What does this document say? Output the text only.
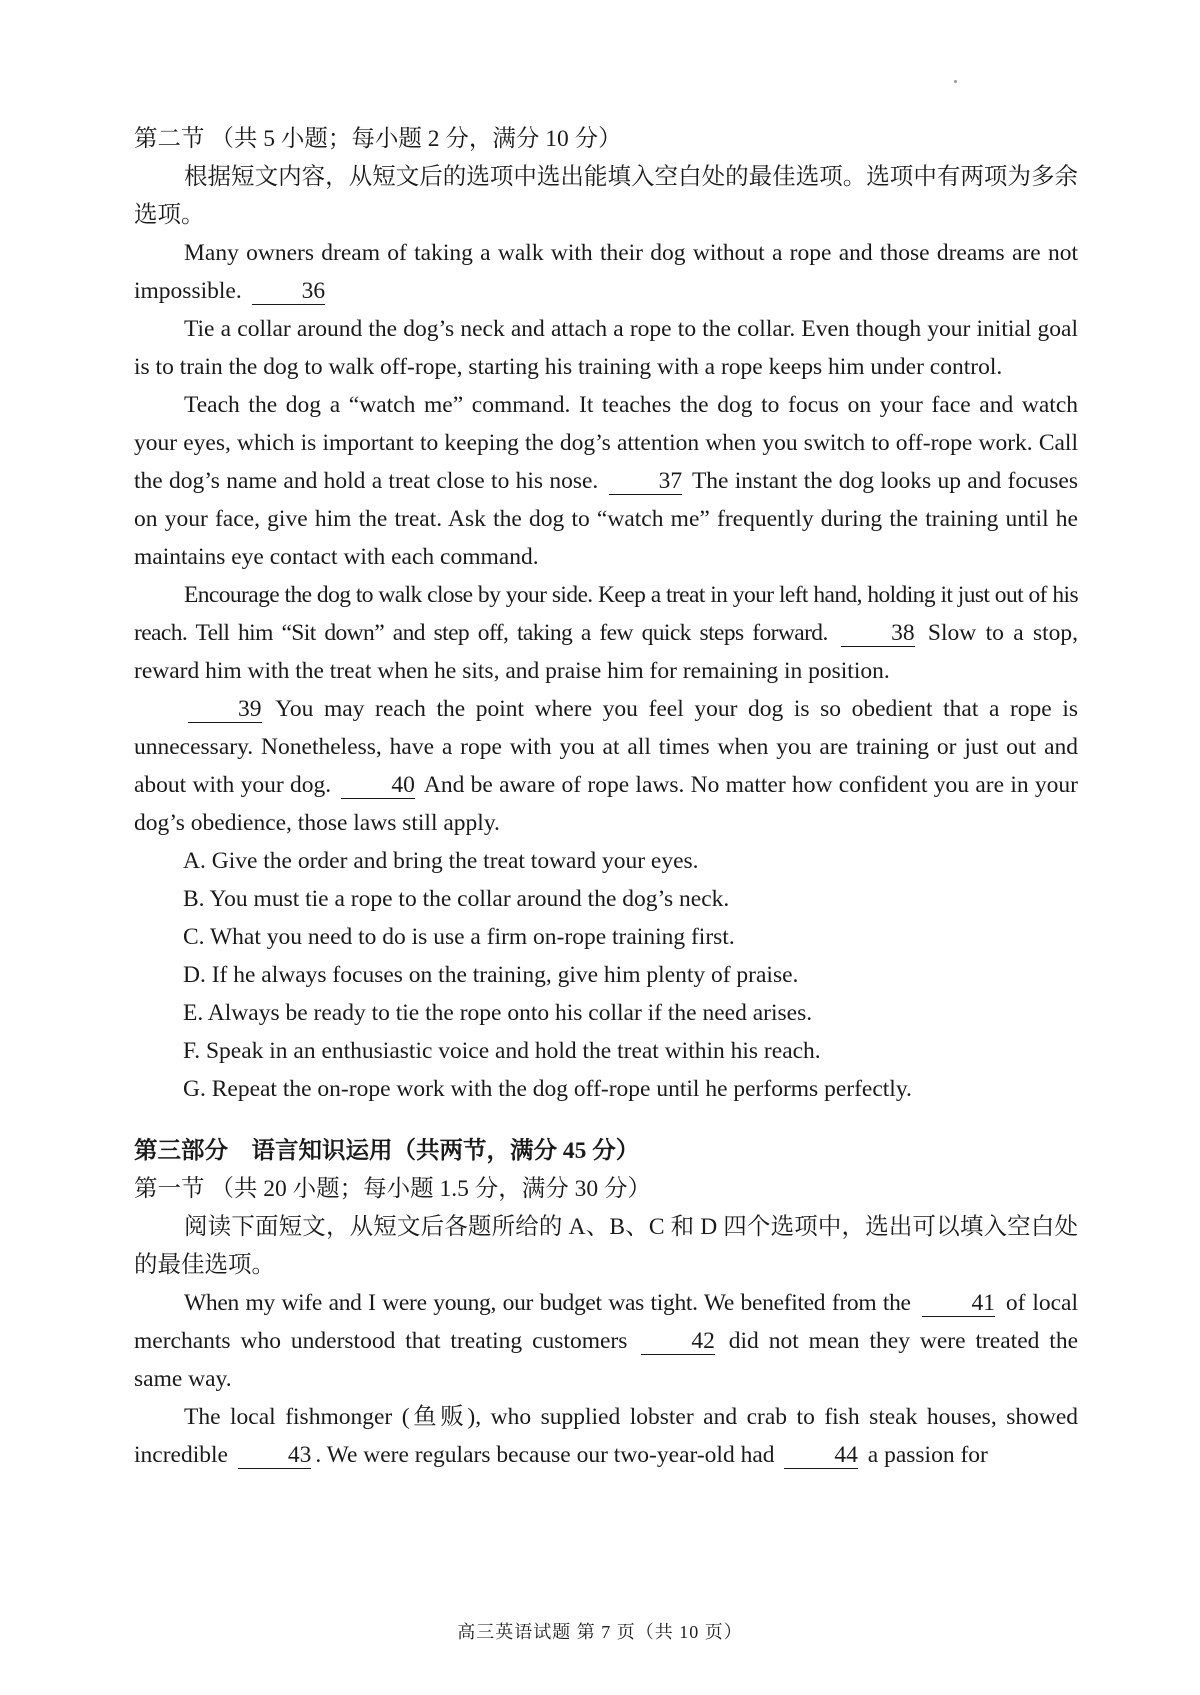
第二节 （共 5 小题；每小题 2 分，满分 10 分）

根据短文内容，从短文后的选项中选出能填入空白处的最佳选项。选项中有两项为多余选项。

Many owners dream of taking a walk with their dog without a rope and those dreams are not impossible.	36

Tie a collar around the dog’s neck and attach a rope to the collar. Even though your initial goal is to train the dog to walk off-rope, starting his training with a rope keeps him under control.

Teach the dog a “watch me” command. It teaches the dog to focus on your face and watch your eyes, which is important to keeping the dog’s attention when you switch to off-rope work. Call the dog’s name and hold a treat close to his nose.	37 The instant the dog looks up and focuses on your face, give him the treat. Ask the dog to “watch me” frequently during the training until he maintains eye contact with each command.

Encourage the dog to walk close by your side. Keep a treat in your left hand, holding it just out of his reach. Tell him “Sit down” and step off, taking a few quick steps forward.	38 Slow to a stop, reward him with the treat when he sits, and praise him for remaining in position.

39 You may reach the point where you feel your dog is so obedient that a rope is unnecessary. Nonetheless, have a rope with you at all times when you are training or just out and about with your dog.	40 And be aware of rope laws. No matter how confident you are in your dog’s obedience, those laws still apply.

A. Give the order and bring the treat toward your eyes.

B. You must tie a rope to the collar around the dog’s neck.

C. What you need to do is use a firm on-rope training first.

D. If he always focuses on the training, give him plenty of praise.

E. Always be ready to tie the rope onto his collar if the need arises.

F. Speak in an enthusiastic voice and hold the treat within his reach.

G. Repeat the on-rope work with the dog off-rope until he performs perfectly.

第三部分　语言知识运用（共两节，满分 45 分）

第一节 （共 20 小题；每小题 1.5 分，满分 30 分）

阅读下面短文，从短文后各题所给的 A、B、C 和 D 四个选项中，选出可以填入空白处的最佳选项。

When my wife and I were young, our budget was tight. We benefited from the	41 of local merchants who understood that treating customers	42 did not mean they were treated the same way.

The local fishmonger (鱼贩), who supplied lobster and crab to fish steak houses, showed incredible	43 . We were regulars because our two-year-old had	44 a passion for

高三英语试题 第 7 页（共 10 页）
